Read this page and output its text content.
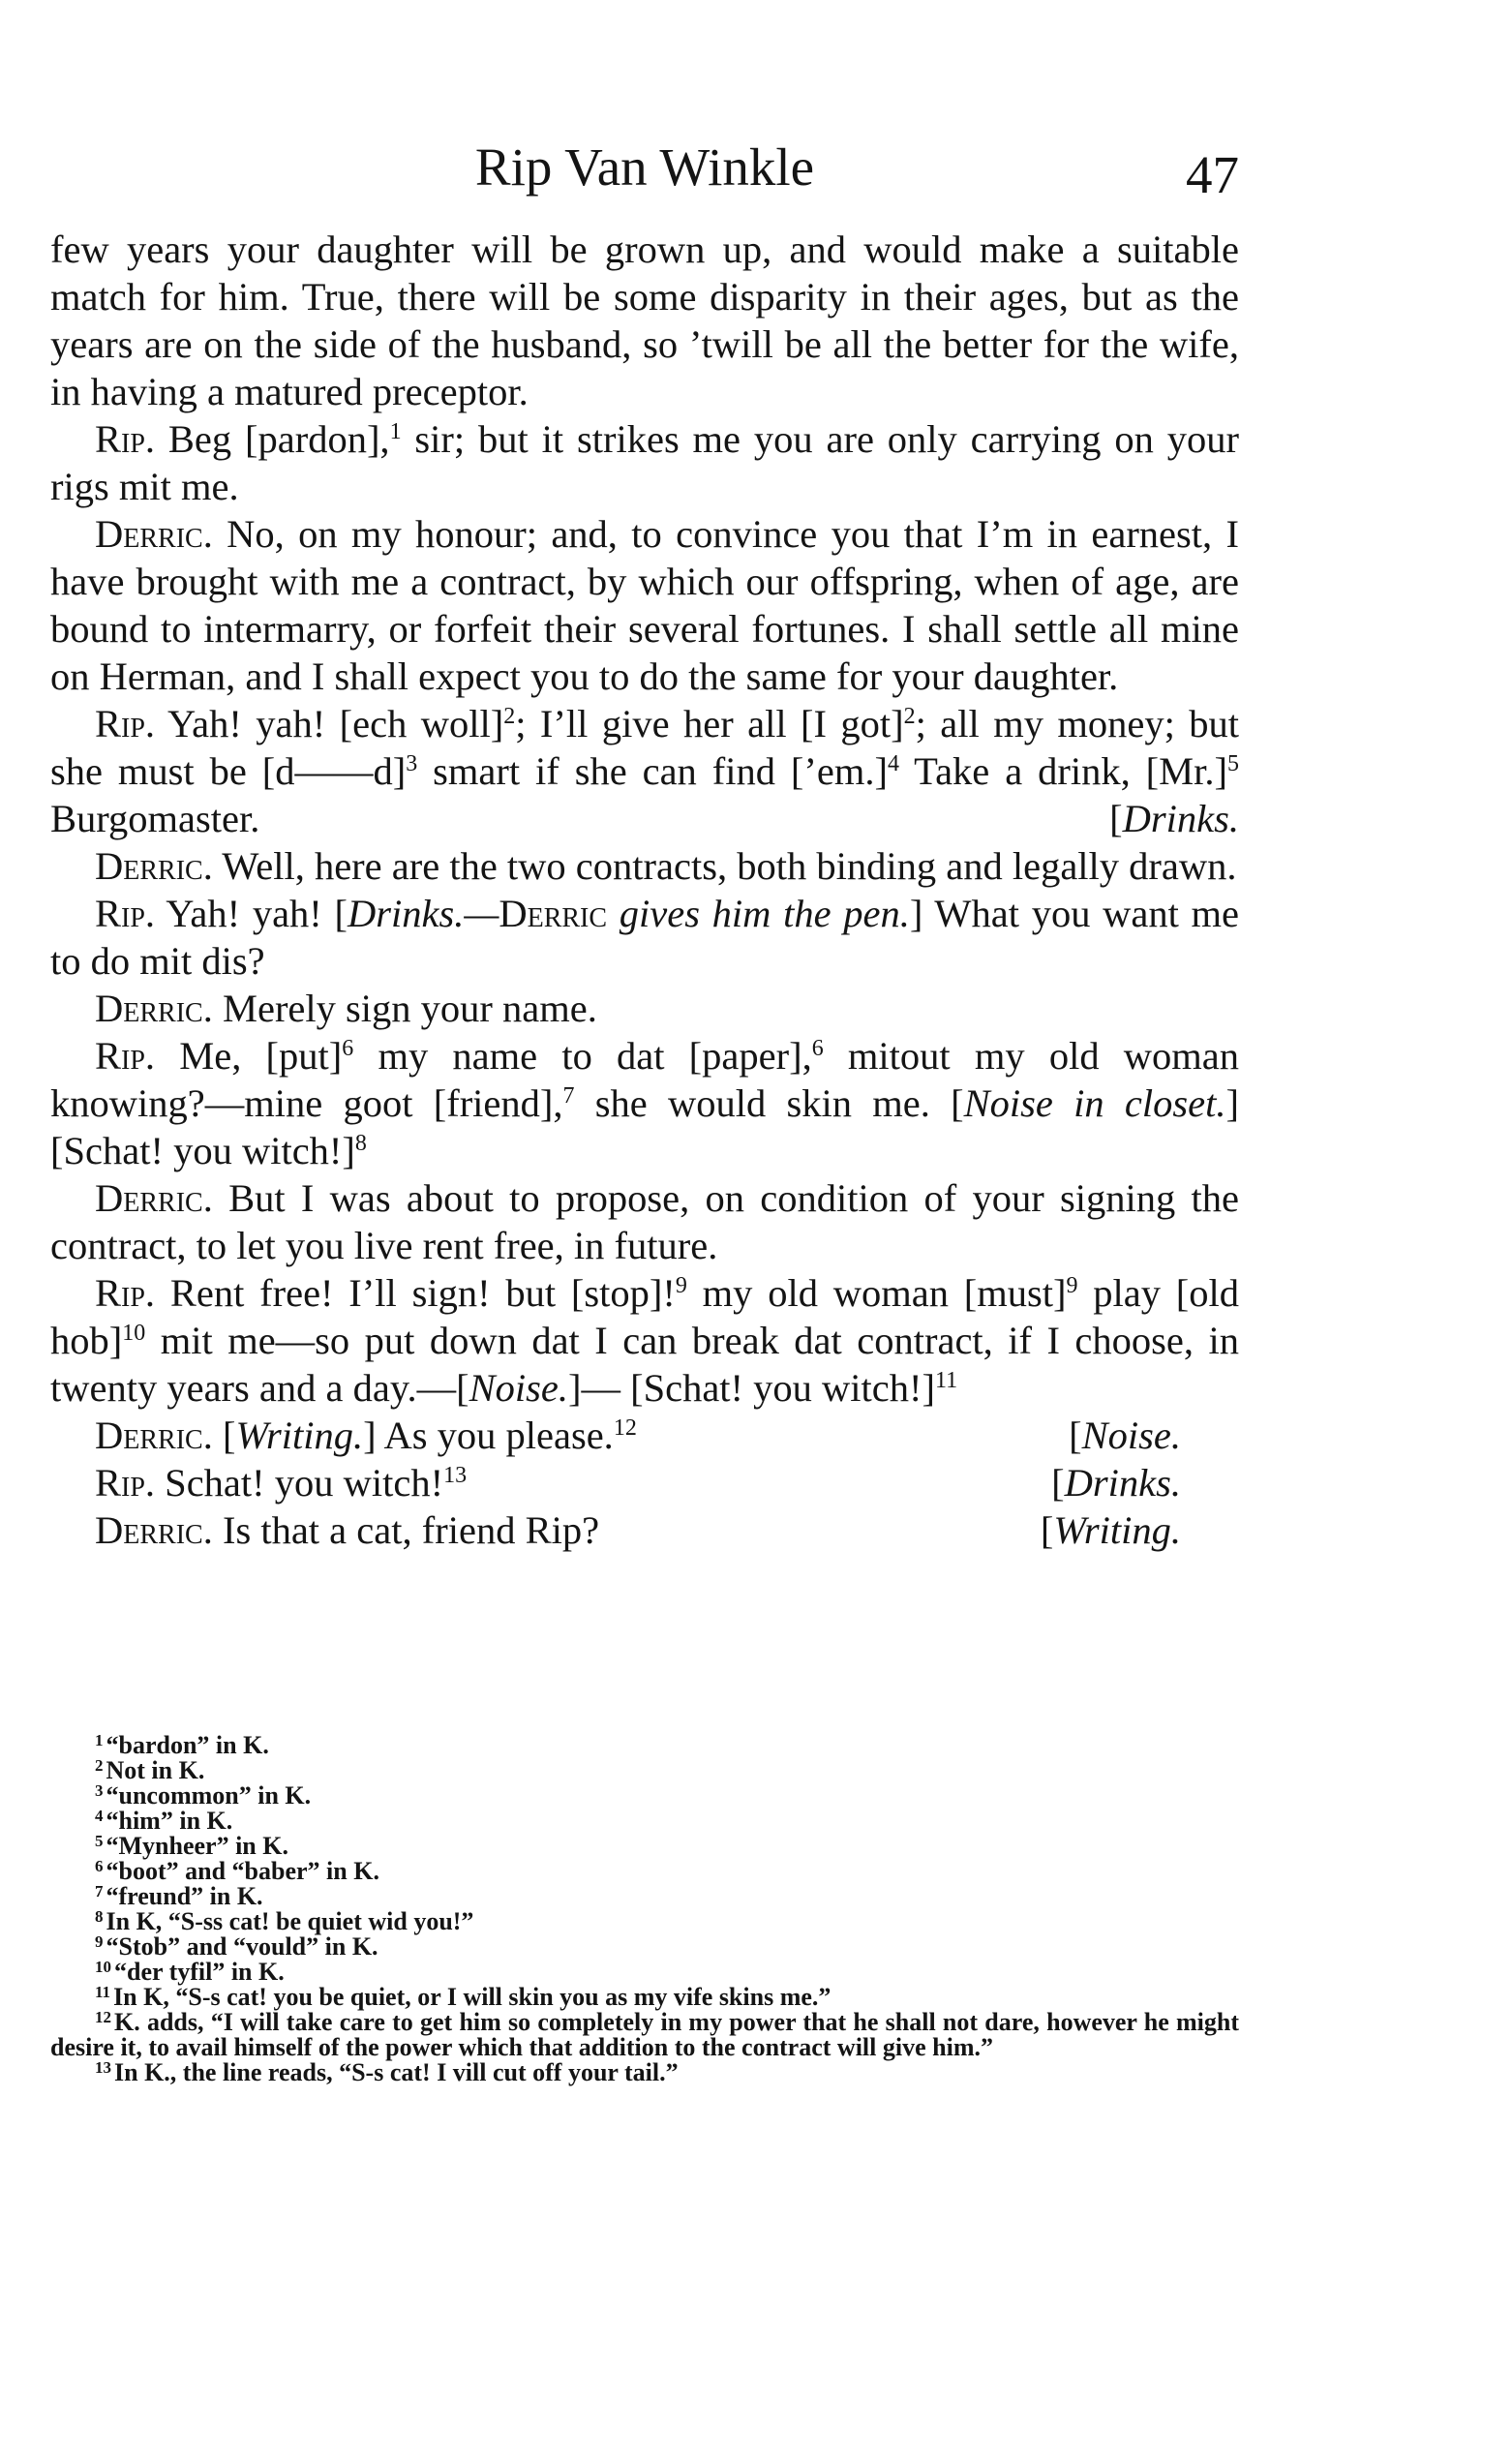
Rip Van Winkle	47

few years your daughter will be grown up, and would make a suitable match for him. True, there will be some disparity in their ages, but as the years are on the side of the husband, so ’twill be all the better for the wife, in having a matured preceptor.

Rip. Beg [pardon],$^1$ sir; but it strikes me you are only carrying on your rigs mit me.

Derric. No, on my honour; and, to convince you that I’m in earnest, I have brought with me a contract, by which our offspring, when of age, are bound to intermarry, or forfeit their several fortunes. I shall settle all mine on Herman, and I shall expect you to do the same for your daughter.

Rip. Yah! yah! [ech woll]$^2$; I’ll give her all [I got]$^2$; all my money; but she must be [d——d]$^3$ smart if she can find [’em.]$^4$ Take a drink, [Mr.]$^5$ Burgomaster.	[Drinks.

Derric. Well, here are the two contracts, both binding and legally drawn.

Rip. Yah! yah! [Drinks.—Derric gives him the pen.] What you want me to do mit dis?

Derric. Merely sign your name.

Rip. Me, [put]$^6$ my name to dat [paper],$^6$ mitout my old woman knowing?—mine goot [friend],$^7$ she would skin me. [Noise in closet.] [Schat! you witch!]$^8$

Derric. But I was about to propose, on condition of your signing the contract, to let you live rent free, in future.

Rip. Rent free! I’ll sign! but [stop]!$^9$ my old woman [must]$^9$ play [old hob]$^{10}$ mit me—so put down dat I can break dat contract, if I choose, in twenty years and a day.—[Noise.]— [Schat! you witch!]$^{11}$

Derric. [Writing.] As you please.$^{12}$	[ Noise.
Rip. Schat! you witch!$^{13}$	[ Drinks.
Derric. Is that a cat, friend Rip?	[ Writing.

$^1$ “bardon” in K.

$^2$ Not in K.

$^3$ “uncommon” in K.

$^4$ “him” in K.

$^5$ “Mynheer” in K.

$^6$ “boot” and “baber” in K.

$^7$ “freund” in K.

$^8$ In K, “S-ss cat! be quiet wid you!”

$^9$ “Stob” and “vould” in K.

$^{10}$ “der tyfil” in K.

$^{11}$ In K, “S-s cat! you be quiet, or I will skin you as my vife skins me.”

$^{12}$ K. adds, “I will take care to get him so completely in my power that he shall not dare, however he might desire it, to avail himself of the power which that addition to the contract will give him.”

$^{13}$ In K., the line reads, “S-s cat! I vill cut off your tail.”
